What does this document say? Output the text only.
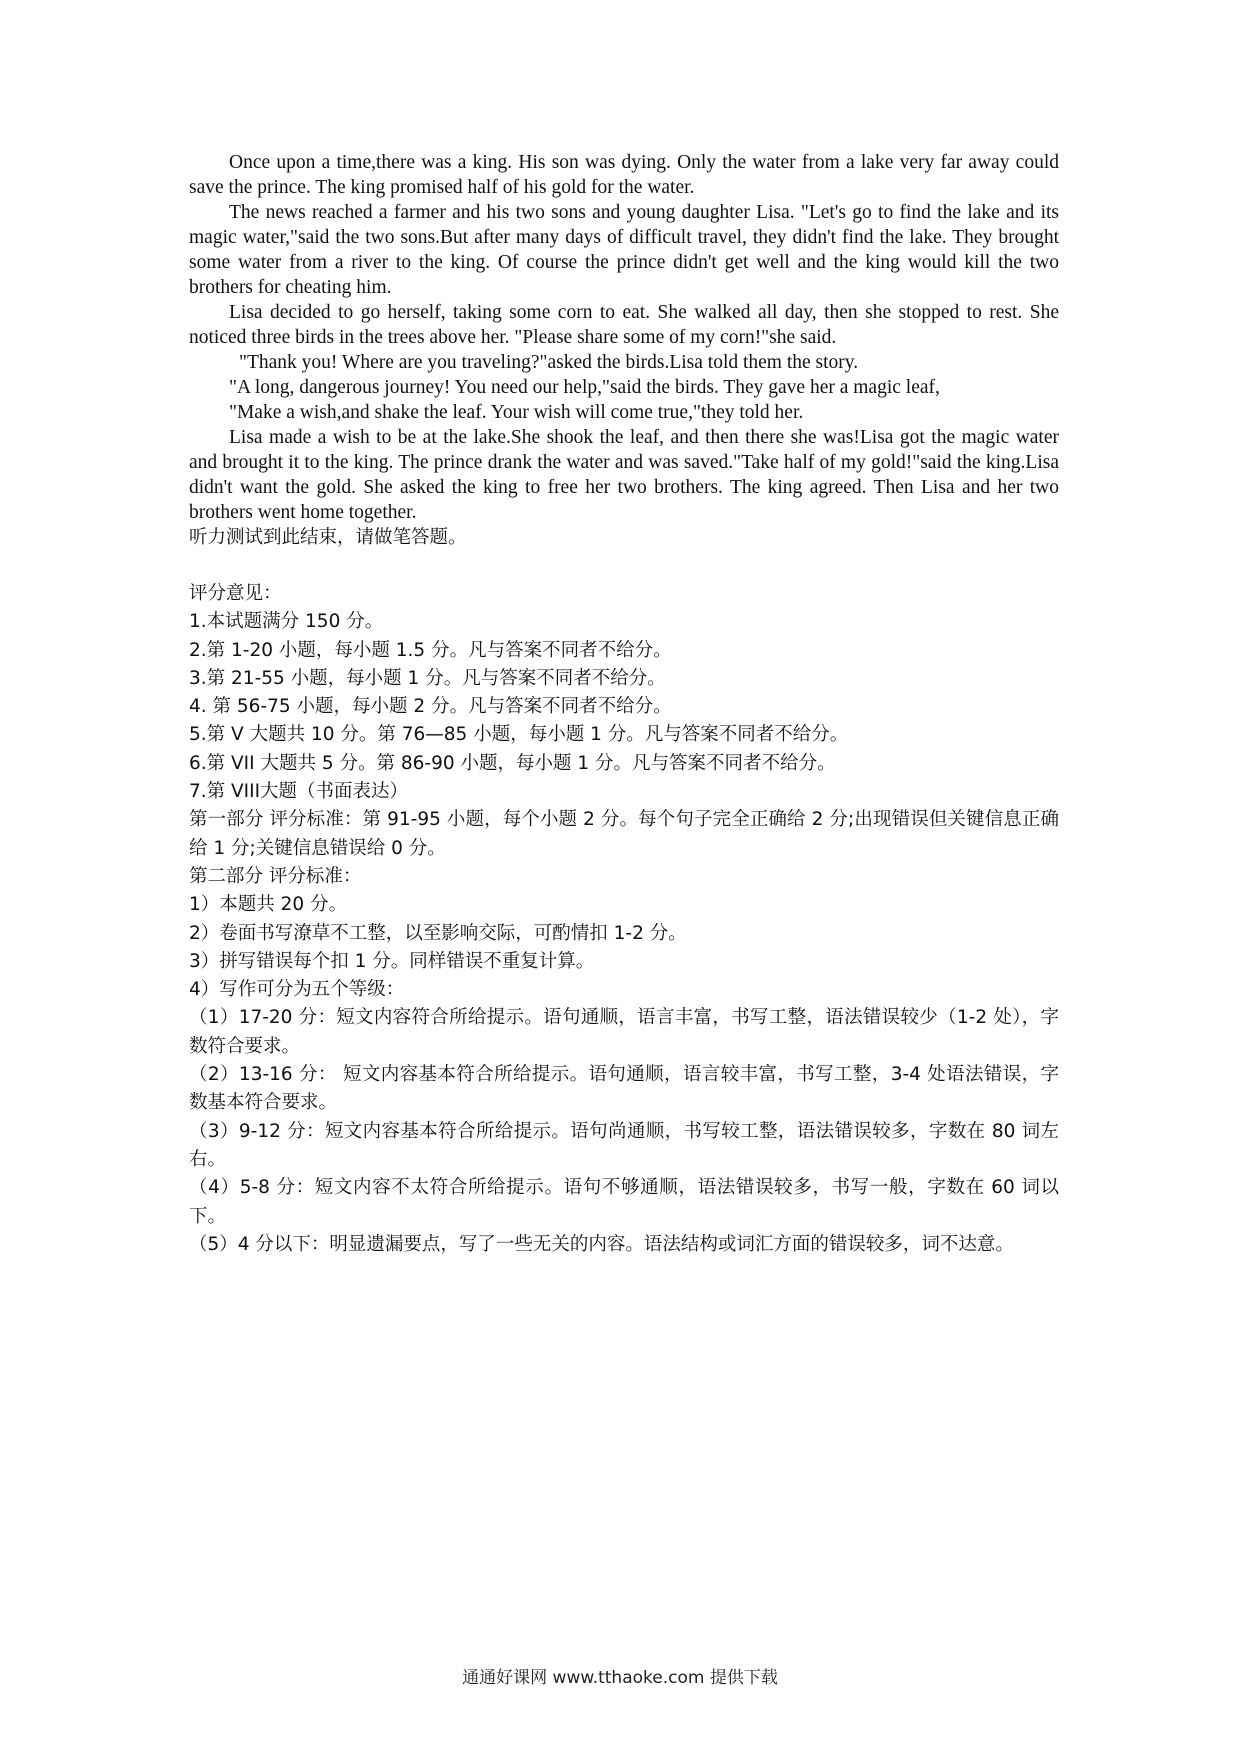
Once upon a time,there was a king. His son was dying. Only the water from a lake very far away could save the prince. The king promised half of his gold for the water.

The news reached a farmer and his two sons and young daughter Lisa. "Let's go to find the lake and its magic water,"said the two sons.But after many days of difficult travel, they didn't find the lake. They brought some water from a river to the king. Of course the prince didn't get well and the king would kill the two brothers for cheating him.

Lisa decided to go herself, taking some corn to eat. She walked all day, then she stopped to rest. She noticed three birds in the trees above her. "Please share some of my corn!"she said.

"Thank you! Where are you traveling?"asked the birds.Lisa told them the story.

"A long, dangerous journey! You need our help,"said the birds. They gave her a magic leaf,

"Make a wish,and shake the leaf. Your wish will come true,"they told her.

Lisa made a wish to be at the lake.She shook the leaf, and then there she was!Lisa got the magic water and brought it to the king. The prince drank the water and was saved."Take half of my gold!"said the king.Lisa didn't want the gold. She asked the king to free her two brothers. The king agreed. Then Lisa and her two brothers went home together.

听力测试到此结束，请做笔答题。

评分意见：

1.本试题满分 150 分。

2.第 1-20 小题，每小题 1.5 分。凡与答案不同者不给分。

3.第 21-55 小题，每小题 1 分。凡与答案不同者不给分。

4. 第 56-75 小题，每小题 2 分。凡与答案不同者不给分。

5.第 V 大题共 10 分。第 76—85 小题，每小题 1 分。凡与答案不同者不给分。

6.第 VII 大题共 5 分。第 86-90 小题，每小题 1 分。凡与答案不同者不给分。

7.第 VIII大题（书面表达）

第一部分 评分标准：第 91-95 小题，每个小题 2 分。每个句子完全正确给 2 分;出现错误但关键信息正确给 1 分;关键信息错误给 0 分。

第二部分 评分标准：

1）本题共 20 分。

2）卷面书写潦草不工整，以至影响交际，可酌情扣 1-2 分。

3）拼写错误每个扣 1 分。同样错误不重复计算。

4）写作可分为五个等级：

（1）17-20 分：短文内容符合所给提示。语句通顺，语言丰富，书写工整，语法错误较少（1-2 处），字数符合要求。

（2）13-16 分： 短文内容基本符合所给提示。语句通顺，语言较丰富，书写工整，3-4 处语法错误，字数基本符合要求。

（3）9-12 分：短文内容基本符合所给提示。语句尚通顺，书写较工整，语法错误较多，字数在 80 词左右。

（4）5-8 分：短文内容不太符合所给提示。语句不够通顺，语法错误较多，书写一般，字数在 60 词以下。

（5）4 分以下：明显遗漏要点，写了一些无关的内容。语法结构或词汇方面的错误较多，词不达意。

通通好课网 www.tthaoke.com 提供下载
